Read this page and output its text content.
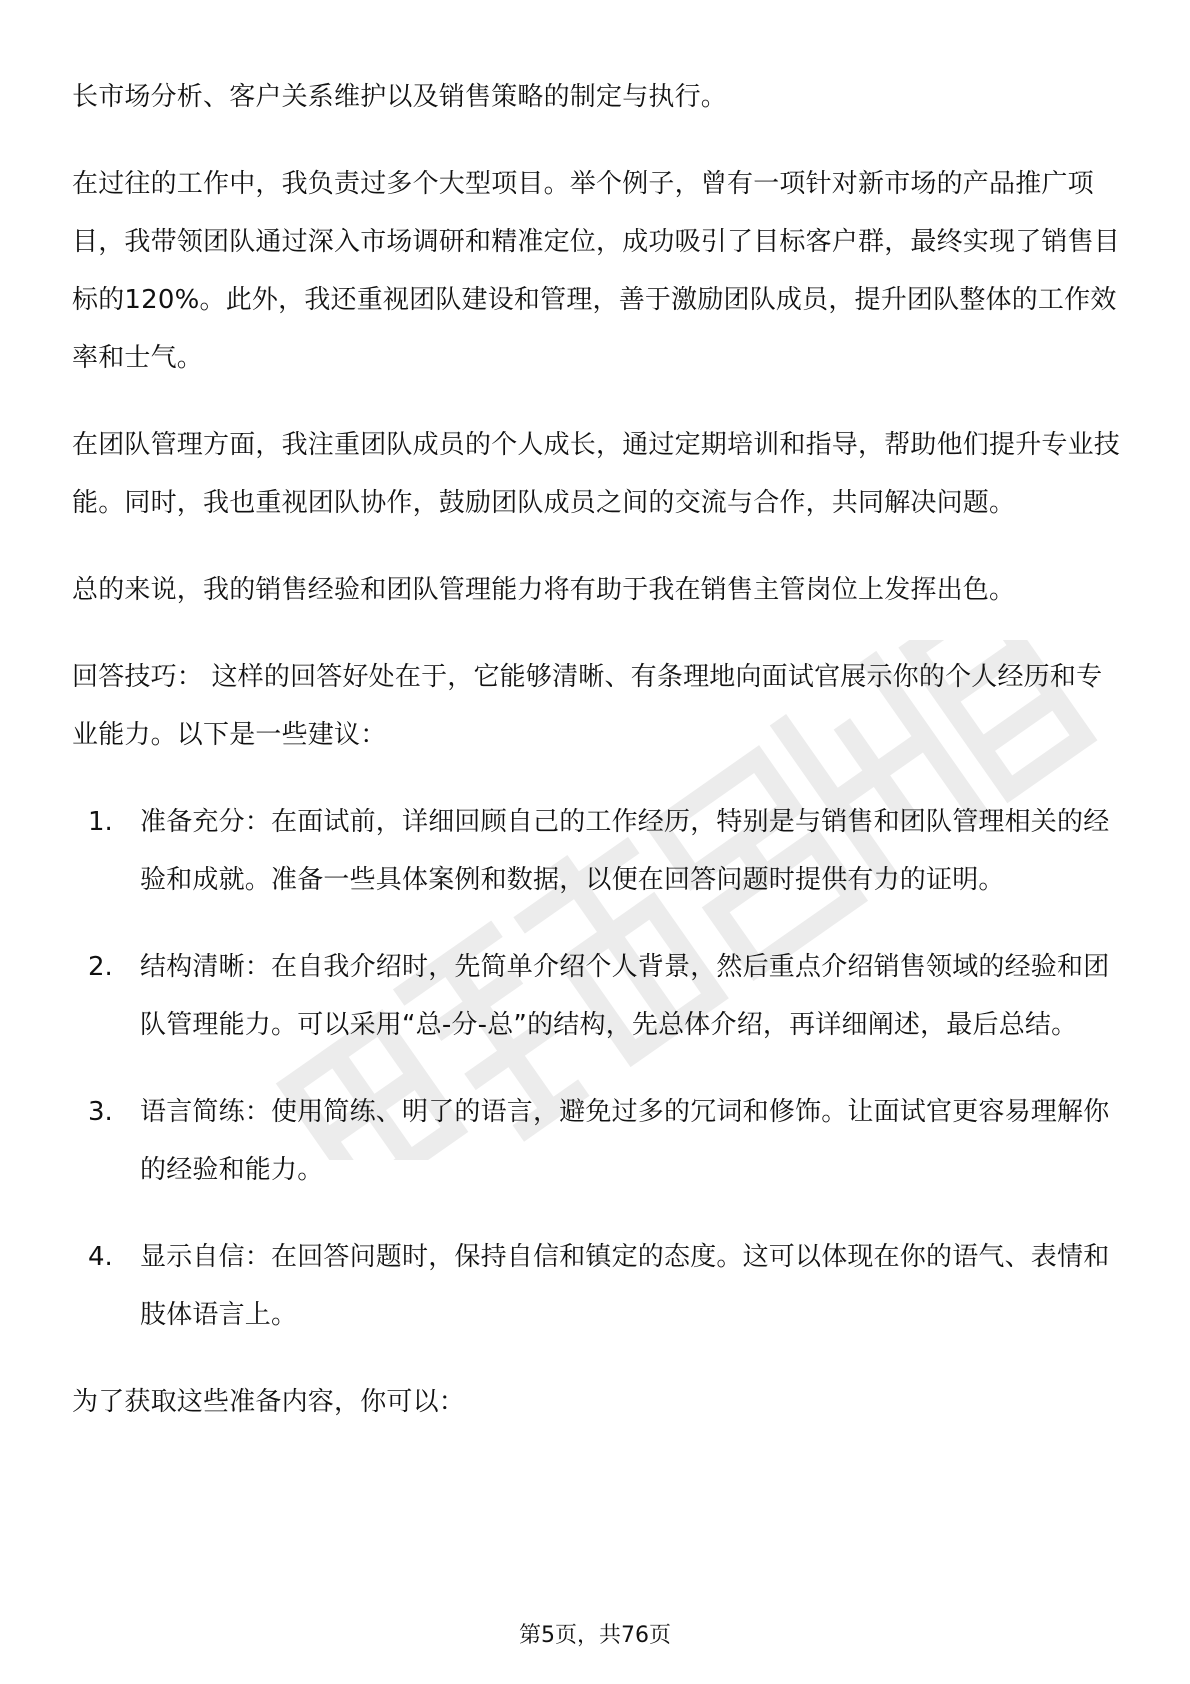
长市场分析、客户关系维护以及销售策略的制定与执行。

在过往的工作中，我负责过多个大型项目。举个例子，曾有一项针对新市场的产品推广项目，我带领团队通过深入市场调研和精准定位，成功吸引了目标客户群，最终实现了销售目标的120%。此外，我还重视团队建设和管理，善于激励团队成员，提升团队整体的工作效率和士气。

在团队管理方面，我注重团队成员的个人成长，通过定期培训和指导，帮助他们提升专业技能。同时，我也重视团队协作，鼓励团队成员之间的交流与合作，共同解决问题。

总的来说，我的销售经验和团队管理能力将有助于我在销售主管岗位上发挥出色。

回答技巧： 这样的回答好处在于，它能够清晰、有条理地向面试官展示你的个人经历和专业能力。以下是一些建议：

1.	准备充分：在面试前，详细回顾自己的工作经历，特别是与销售和团队管理相关的经验和成就。准备一些具体案例和数据，以便在回答问题时提供有力的证明。
2.	结构清晰：在自我介绍时，先简单介绍个人背景，然后重点介绍销售领域的经验和团队管理能力。可以采用“总-分-总”的结构，先总体介绍，再详细阐述，最后总结。
3.	语言简练：使用简练、明了的语言，避免过多的冗词和修饰。让面试官更容易理解你的经验和能力。
4.	显示自信：在回答问题时，保持自信和镇定的态度。这可以体现在你的语气、表情和肢体语言上。

为了获取这些准备内容，你可以：

第5页，共76页
